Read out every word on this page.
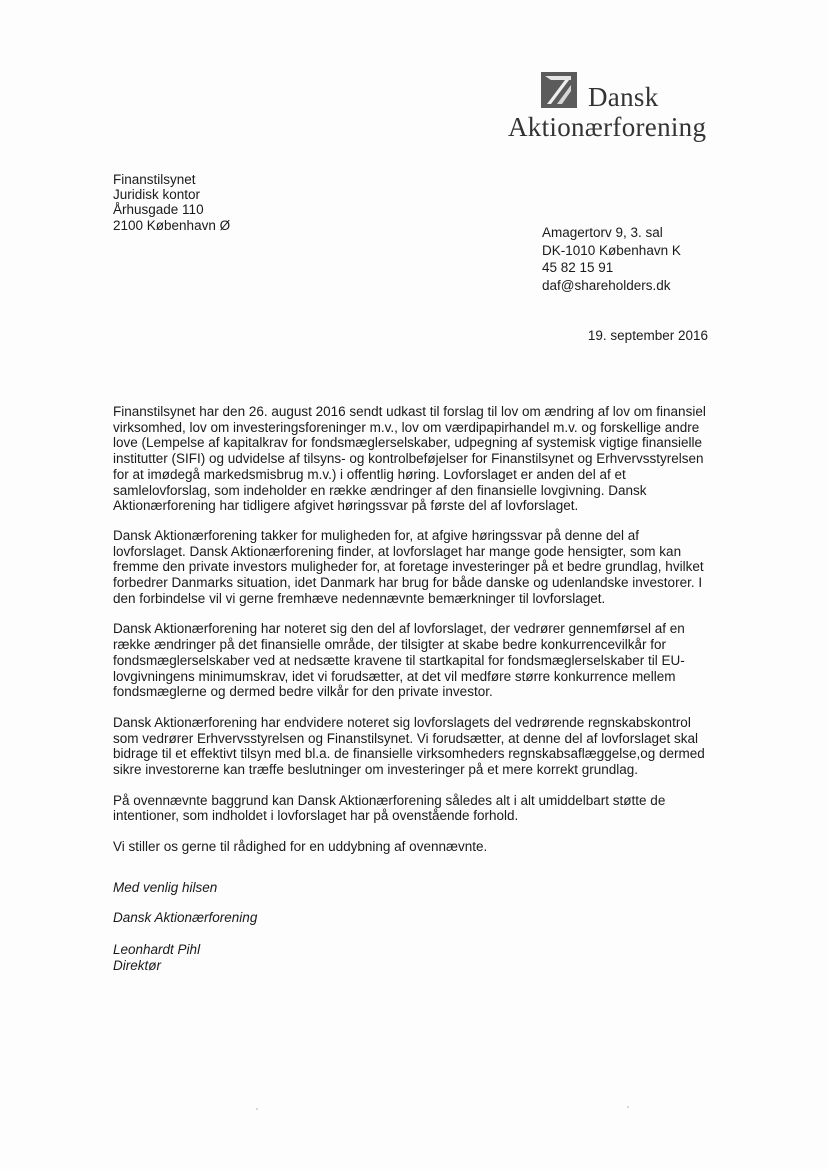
Dansk
Aktionærforening
Finanstilsynet
Juridisk kontor
Århusgade 110
2100 København Ø	Amagertorv 9, 3. sal
DK-1010 København K
45 82 15 91
daf@shareholders.dk
19. september 2016

Finanstilsynet har den 26. august 2016 sendt udkast til forslag til lov om ændring af lov om finansiel virksomhed, lov om investeringsforeninger m.v., lov om værdipapirhandel m.v. og forskellige andre love (Lempelse af kapitalkrav for fondsmæglerselskaber, udpegning af systemisk vigtige finansielle institutter (SIFI) og udvidelse af tilsyns- og kontrolbeføjelser for Finanstilsynet og Erhvervsstyrelsen for at imødegå markedsmisbrug m.v.) i offentlig høring. Lovforslaget er anden del af et samlelovforslag, som indeholder en række ændringer af den finansielle lovgivning. Dansk Aktionærforening har tidligere afgivet høringssvar på første del af lovforslaget.

Dansk Aktionærforening takker for muligheden for, at afgive høringssvar på denne del af lovforslaget. Dansk Aktionærforening finder, at lovforslaget har mange gode hensigter, som kan fremme den private investors muligheder for, at foretage investeringer på et bedre grundlag, hvilket forbedrer Danmarks situation, idet Danmark har brug for både danske og udenlandske investorer. I den forbindelse vil vi gerne fremhæve nedennævnte bemærkninger til lovforslaget.

Dansk Aktionærforening har noteret sig den del af lovforslaget, der vedrører gennemførsel af en række ændringer på det finansielle område, der tilsigter at skabe bedre konkurrencevilkår for fondsmæglerselskaber ved at nedsætte kravene til startkapital for fondsmæglerselskaber til EU-lovgivningens minimumskrav, idet vi forudsætter, at det vil medføre større konkurrence mellem fondsmæglerne og dermed bedre vilkår for den private investor.

Dansk Aktionærforening har endvidere noteret sig lovforslagets del vedrørende regnskabskontrol som vedrører Erhvervsstyrelsen og Finanstilsynet. Vi forudsætter, at denne del af lovforslaget skal bidrage til et effektivt tilsyn med bl.a. de finansielle virksomheders regnskabsaflæggelse,og dermed sikre investorerne kan træffe beslutninger om investeringer på et mere korrekt grundlag.

På ovennævnte baggrund kan Dansk Aktionærforening således alt i alt umiddelbart støtte de intentioner, som indholdet i lovforslaget har på ovenstående forhold.

Vi stiller os gerne til rådighed for en uddybning af ovennævnte.

Med venlig hilsen
Dansk Aktionærforening
Leonhardt Pihl
Direktør
